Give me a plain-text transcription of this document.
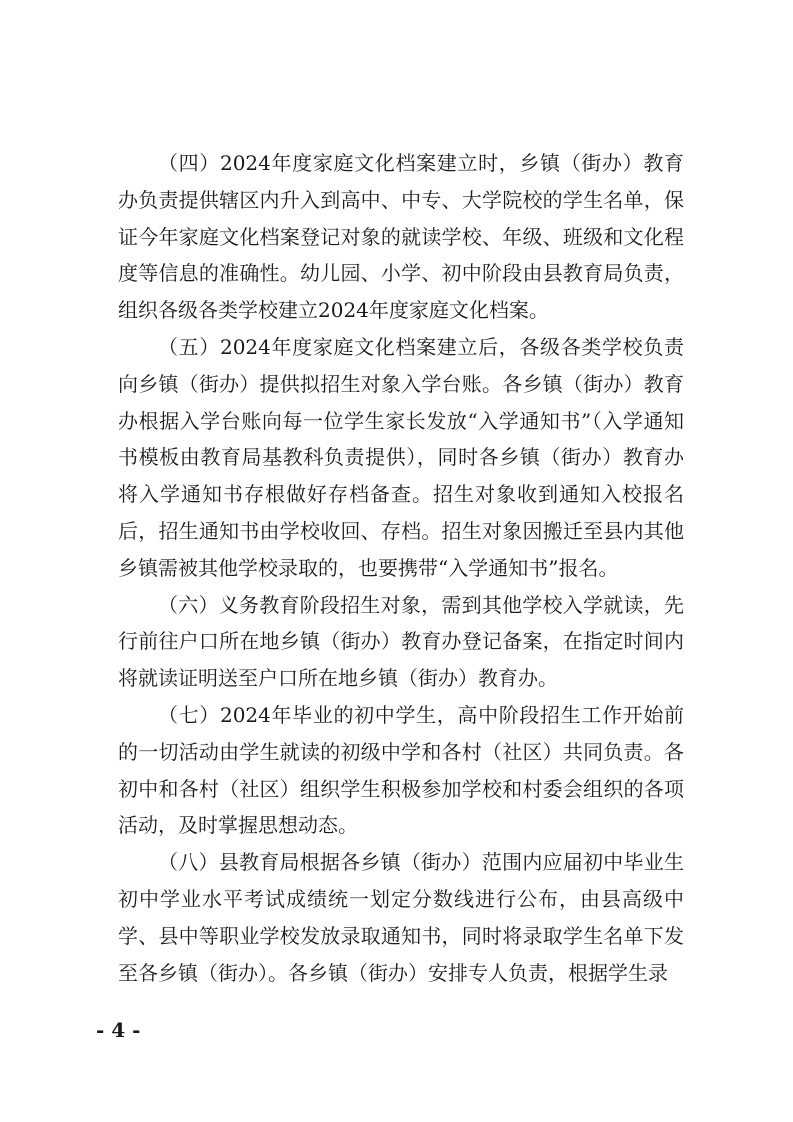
（四）2024年度家庭文化档案建立时，乡镇（街办）教育办负责提供辖区内升入到高中、中专、大学院校的学生名单，保证今年家庭文化档案登记对象的就读学校、年级、班级和文化程度等信息的准确性。幼儿园、小学、初中阶段由县教育局负责，组织各级各类学校建立2024年度家庭文化档案。

（五）2024年度家庭文化档案建立后，各级各类学校负责向乡镇（街办）提供拟招生对象入学台账。各乡镇（街办）教育办根据入学台账向每一位学生家长发放“入学通知书”（入学通知书模板由教育局基教科负责提供），同时各乡镇（街办）教育办将入学通知书存根做好存档备查。招生对象收到通知入校报名后，招生通知书由学校收回、存档。招生对象因搬迁至县内其他乡镇需被其他学校录取的，也要携带“入学通知书”报名。

（六）义务教育阶段招生对象，需到其他学校入学就读，先行前往户口所在地乡镇（街办）教育办登记备案，在指定时间内将就读证明送至户口所在地乡镇（街办）教育办。

（七）2024年毕业的初中学生，高中阶段招生工作开始前的一切活动由学生就读的初级中学和各村（社区）共同负责。各初中和各村（社区）组织学生积极参加学校和村委会组织的各项活动，及时掌握思想动态。

（八）县教育局根据各乡镇（街办）范围内应届初中毕业生初中学业水平考试成绩统一划定分数线进行公布，由县高级中学、县中等职业学校发放录取通知书，同时将录取学生名单下发至各乡镇（街办）。各乡镇（街办）安排专人负责，根据学生录

- 4 -
